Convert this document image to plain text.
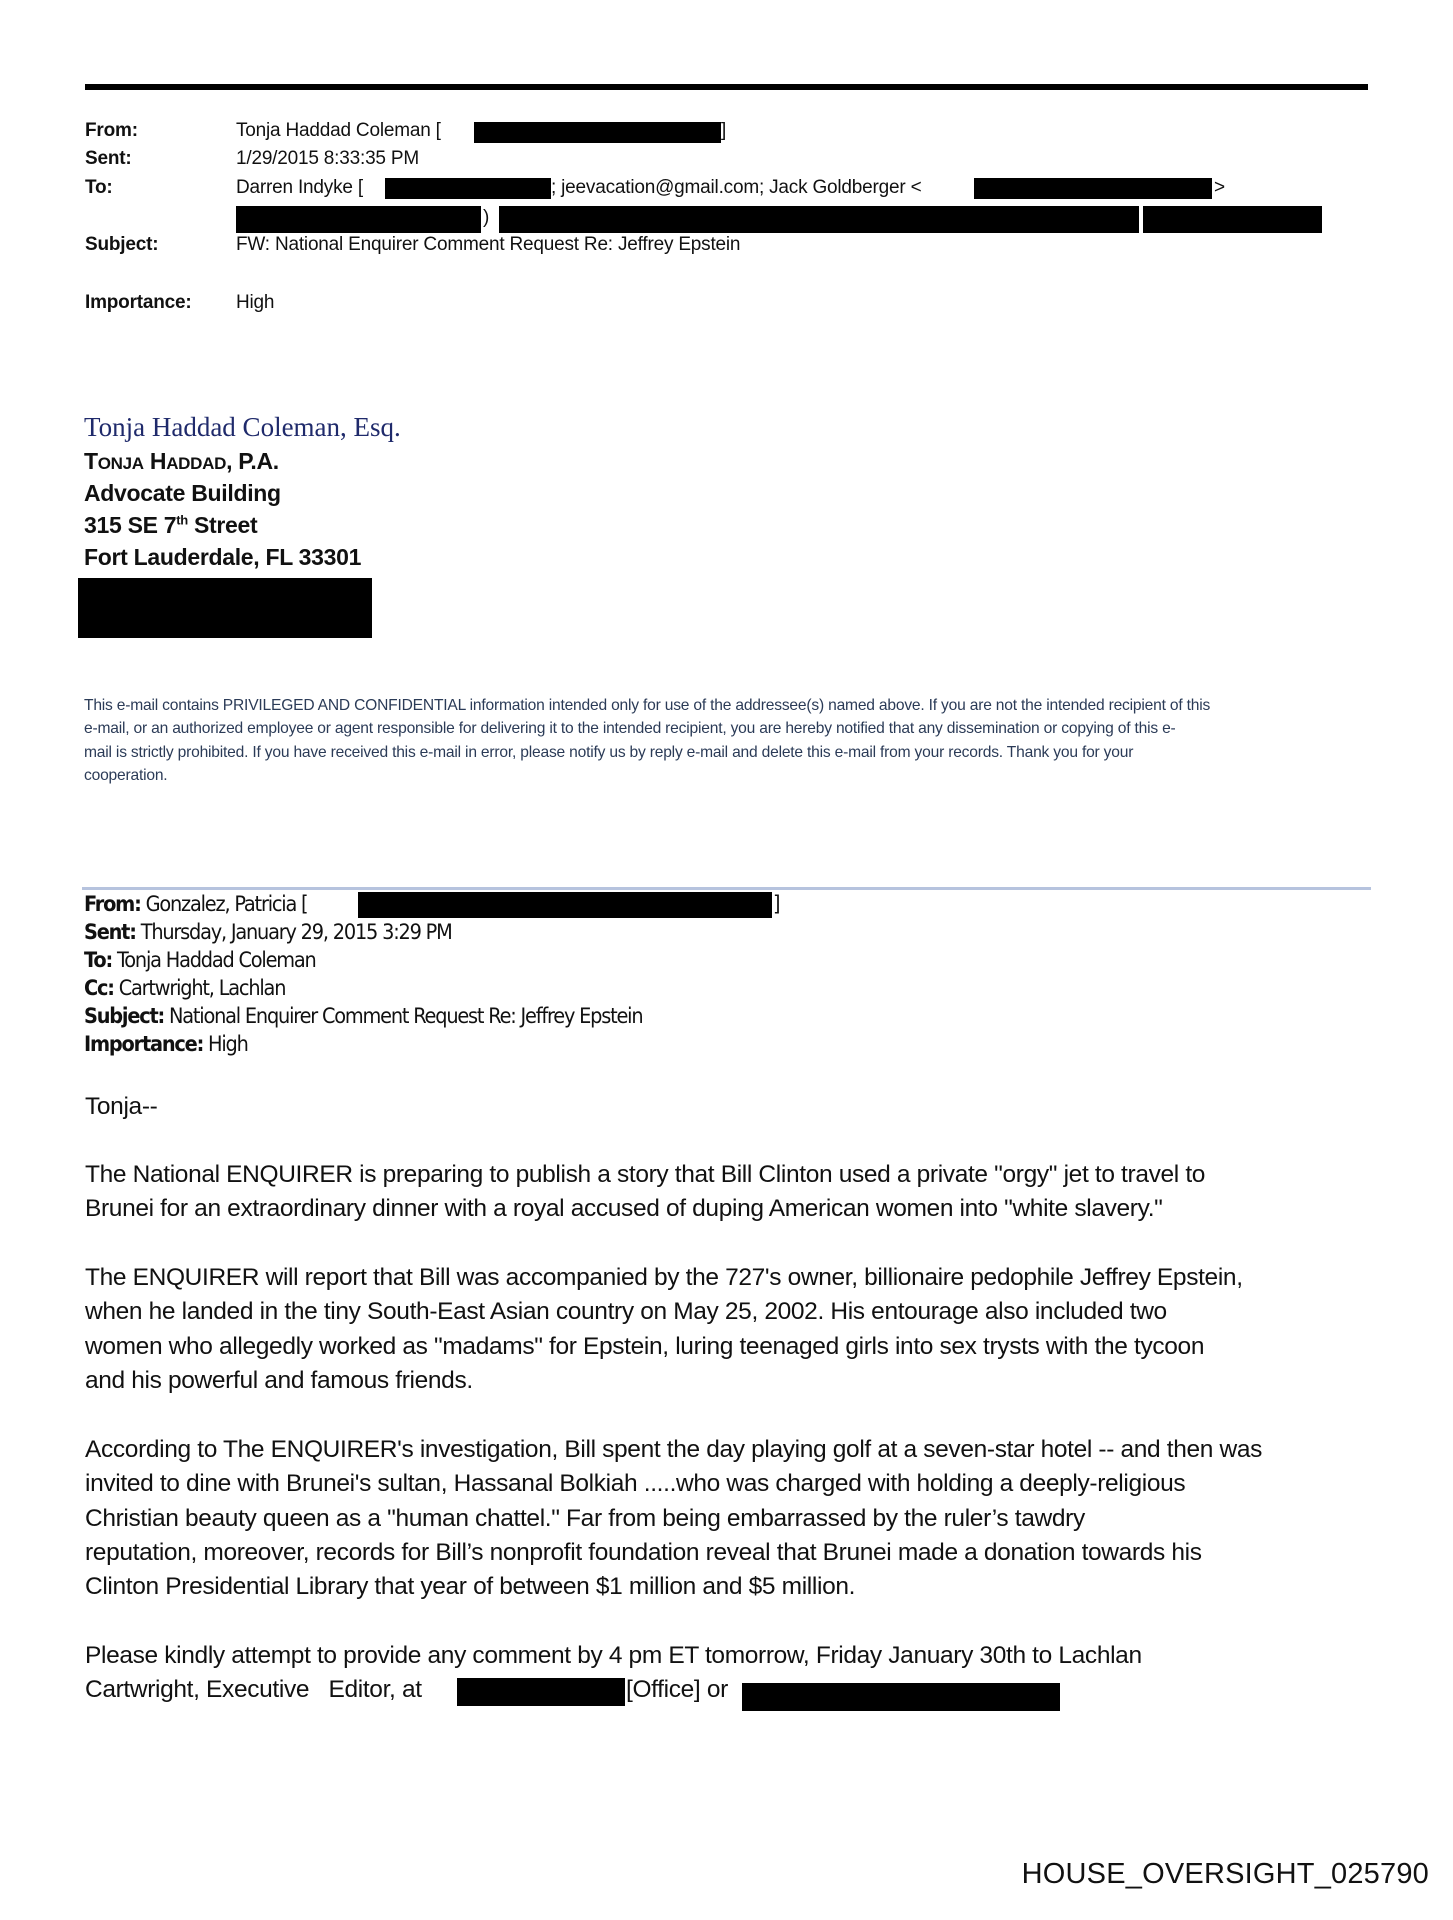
From:	Tonja Haddad Coleman [	]
Sent:	1/29/2015 8:33:35 PM
To:	Darren Indyke [	; jeevacation@gmail.com; Jack Goldberger <	>
)
Subject:	FW: National Enquirer Comment Request Re: Jeffrey Epstein
Importance: High
Tonja Haddad Coleman, Esq.
TONJA HADDAD, P.A.
Advocate Building
315 SE 7th Street
Fort Lauderdale, FL 33301
This e-mail contains PRIVILEGED AND CONFIDENTIAL information intended only for use of the addressee(s) named above. If you are not the intended recipient of this
e-mail, or an authorized employee or agent responsible for delivering it to the intended recipient, you are hereby notified that any dissemination or copying of this e-
mail is strictly prohibited. If you have received this e-mail in error, please notify us by reply e-mail and delete this e-mail from your records. Thank you for your
cooperation.
From: Gonzalez, Patricia [	]
Sent: Thursday, January 29, 2015 3:29 PM
To: Tonja Haddad Coleman
Cc: Cartwright, Lachlan
Subject: National Enquirer Comment Request Re: Jeffrey Epstein
Importance: High
Tonja--

The National ENQUIRER is preparing to publish a story that Bill Clinton used a private "orgy" jet to travel to

Brunei for an extraordinary dinner with a royal accused of duping American women into "white slavery."

The ENQUIRER will report that Bill was accompanied by the 727's owner, billionaire pedophile Jeffrey Epstein,

when he landed in the tiny South-East Asian country on May 25, 2002. His entourage also included two

women who allegedly worked as "madams" for Epstein, luring teenaged girls into sex trysts with the tycoon

and his powerful and famous friends.

According to The ENQUIRER's investigation, Bill spent the day playing golf at a seven-star hotel -- and then was

invited to dine with Brunei's sultan, Hassanal Bolkiah .....who was charged with holding a deeply-religious

Christian beauty queen as a "human chattel." Far from being embarrassed by the ruler’s tawdry

reputation, moreover, records for Bill’s nonprofit foundation reveal that Brunei made a donation towards his

Clinton Presidential Library that year of between $1 million and $5 million.

Please kindly attempt to provide any comment by 4 pm ET tomorrow, Friday January 30th to Lachlan

Cartwright, Executive   Editor, at	[Office] or
HOUSE_OVERSIGHT_025790
